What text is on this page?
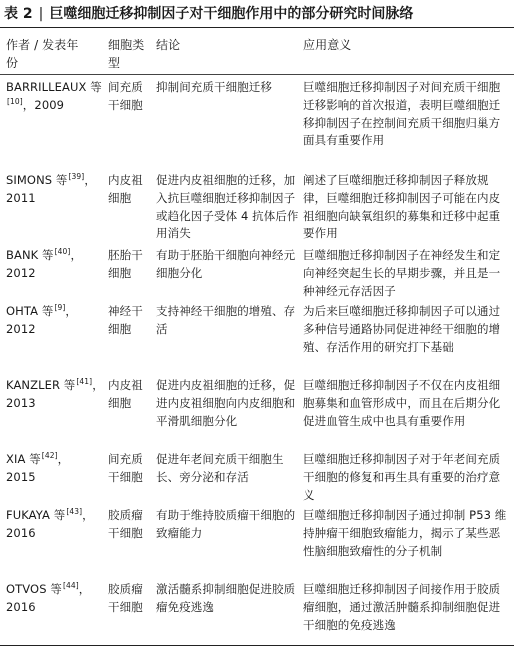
表 2 | 巨噬细胞迁移抑制因子对干细胞作用中的部分研究时间脉络
作者 / 发表年份
细胞类型
结论	应用意义
BARRILLEAUX 等[10]，2009
间充质干细胞
抑制间充质干细胞迁移	巨噬细胞迁移抑制因子对间充质干细胞迁移影响的首次报道，表明巨噬细胞迁移抑制因子在控制间充质干细胞归巢方面具有重要作用
SIMONS 等[39]，
2011
内皮祖细胞
促进内皮祖细胞的迁移，加入抗巨噬细胞迁移抑制因子或趋化因子受体 4 抗体后作用消失
阐述了巨噬细胞迁移抑制因子释放规律，巨噬细胞迁移抑制因子可能在内皮祖细胞向缺氧组织的募集和迁移中起重要作用
BANK 等[40]，
2012
胚胎干细胞
有助于胚胎干细胞向神经元细胞分化
巨噬细胞迁移抑制因子在神经发生和定向神经突起生长的早期步骤，并且是一种神经元存活因子
OHTA 等[9]，
2012
神经干细胞
支持神经干细胞的增殖、存活
为后来巨噬细胞迁移抑制因子可以通过多种信号通路协同促进神经干细胞的增殖、存活作用的研究打下基础
KANZLER 等[41]，
2013
内皮祖细胞
促进内皮祖细胞的迁移，促进内皮祖细胞向内皮细胞和平滑肌细胞分化
巨噬细胞迁移抑制因子不仅在内皮祖细胞募集和血管形成中，而且在后期分化促进血管生成中也具有重要作用
XIA 等[42]，
2015
间充质干细胞
促进年老间充质干细胞生长、旁分泌和存活
巨噬细胞迁移抑制因子对于年老间充质干细胞的修复和再生具有重要的治疗意义
FUKAYA 等[43]，
2016
胶质瘤干细胞
有助于维持胶质瘤干细胞的致瘤能力
巨噬细胞迁移抑制因子通过抑制 P53 维持肿瘤干细胞致瘤能力，揭示了某些恶性脑细胞致瘤性的分子机制
OTVOS 等[44]，
2016
胶质瘤干细胞
激活髓系抑制细胞促进胶质瘤免疫逃逸
巨噬细胞迁移抑制因子间接作用于胶质瘤细胞，通过激活肿髓系抑制细胞促进干细胞的免疫逃逸
